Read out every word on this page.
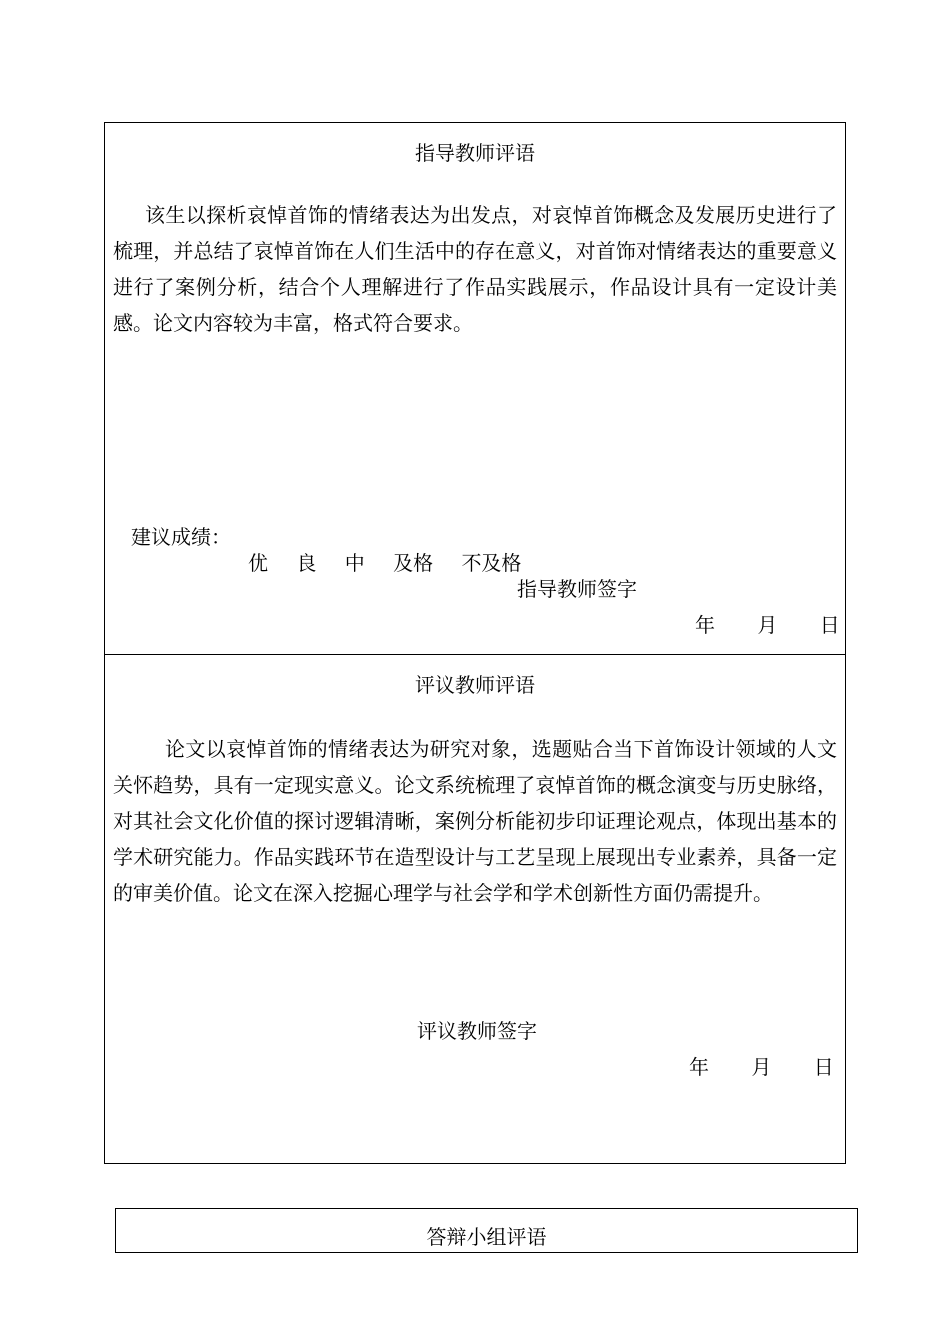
指导教师评语

该生以探析哀悼首饰的情绪表达为出发点，对哀悼首饰概念及发展历史进行了梳理，并总结了哀悼首饰在人们生活中的存在意义，对首饰对情绪表达的重要意义进行了案例分析，结合个人理解进行了作品实践展示，作品设计具有一定设计美感。论文内容较为丰富，格式符合要求。

建议成绩：
优 良 中 及格 不及格
指导教师签字
年 月 日
评议教师评语

论文以哀悼首饰的情绪表达为研究对象，选题贴合当下首饰设计领域的人文关怀趋势，具有一定现实意义。论文系统梳理了哀悼首饰的概念演变与历史脉络，对其社会文化价值的探讨逻辑清晰，案例分析能初步印证理论观点，体现出基本的学术研究能力。作品实践环节在造型设计与工艺呈现上展现出专业素养，具备一定的审美价值。论文在深入挖掘心理学与社会学和学术创新性方面仍需提升。

评议教师签字
年 月 日
答辩小组评语
